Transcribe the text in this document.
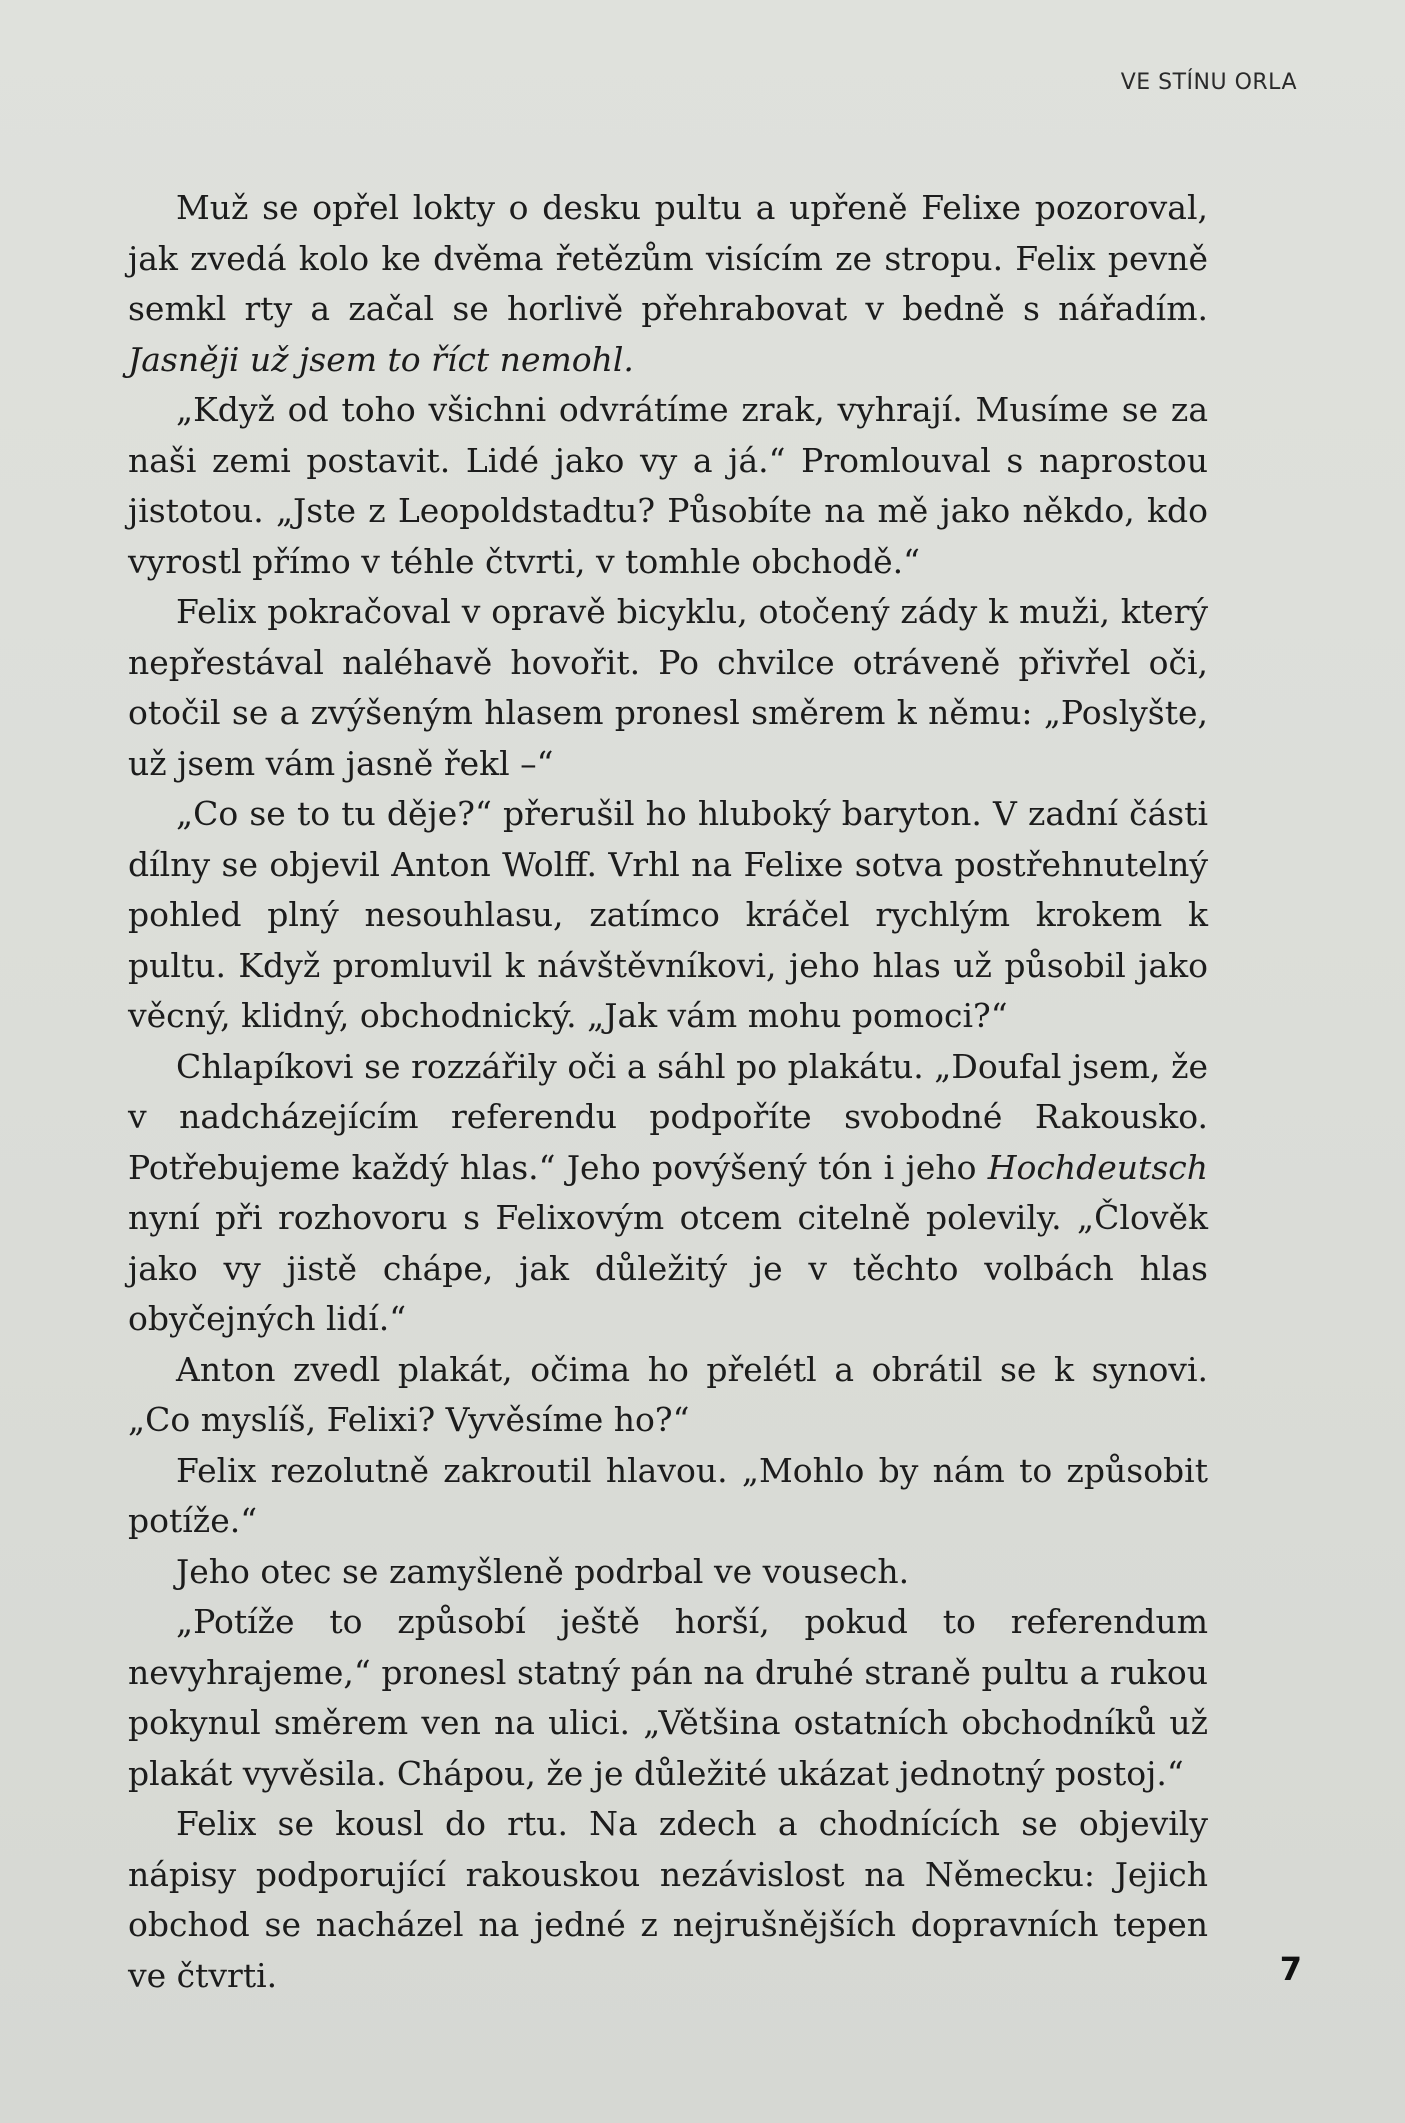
VE STÍNU ORLA

Muž se opřel lokty o desku pultu a upřeně Felixe pozoroval, jak zvedá kolo ke dvěma řetězům visícím ze stropu. Felix pevně semkl rty a začal se horlivě přehrabovat v bedně s nářadím. Jasněji už jsem to říct nemohl.

„Když od toho všichni odvrátíme zrak, vyhrají. Musíme se za naši zemi postavit. Lidé jako vy a já.“ Promlouval s naprostou jistotou. „Jste z Leopoldstadtu? Působíte na mě jako někdo, kdo vyrostl přímo v téhle čtvrti, v tomhle obchodě.“

Felix pokračoval v opravě bicyklu, otočený zády k muži, který nepřestával naléhavě hovořit. Po chvilce otráveně přivřel oči, otočil se a zvýšeným hlasem pronesl směrem k němu: „Poslyšte, už jsem vám jasně řekl –“

„Co se to tu děje?“ přerušil ho hluboký baryton. V zadní části dílny se objevil Anton Wolff. Vrhl na Felixe sotva postřehnutelný pohled plný nesouhlasu, zatímco kráčel rychlým krokem k pultu. Když promluvil k návštěvníkovi, jeho hlas už působil jako věcný, klidný, obchodnický. „Jak vám mohu pomoci?“

Chlapíkovi se rozzářily oči a sáhl po plakátu. „Doufal jsem, že v nadcházejícím referendu podpoříte svobodné Rakousko. Potřebujeme každý hlas.“ Jeho povýšený tón i jeho Hochdeutsch nyní při rozhovoru s Felixovým otcem citelně polevily. „Člověk jako vy jistě chápe, jak důležitý je v těchto volbách hlas obyčejných lidí.“

Anton zvedl plakát, očima ho přelétl a obrátil se k synovi. „Co myslíš, Felixi? Vyvěsíme ho?“

Felix rezolutně zakroutil hlavou. „Mohlo by nám to způsobit potíže.“

Jeho otec se zamyšleně podrbal ve vousech.

„Potíže to způsobí ještě horší, pokud to referendum nevyhrajeme,“ pronesl statný pán na druhé straně pultu a rukou pokynul směrem ven na ulici. „Většina ostatních obchodníků už plakát vyvěsila. Chápou, že je důležité ukázat jednotný postoj.“

Felix se kousl do rtu. Na zdech a chodnících se objevily nápisy podporující rakouskou nezávislost na Německu: Jejich obchod se nacházel na jedné z nejrušnějších dopravních tepen ve čtvrti.	7
